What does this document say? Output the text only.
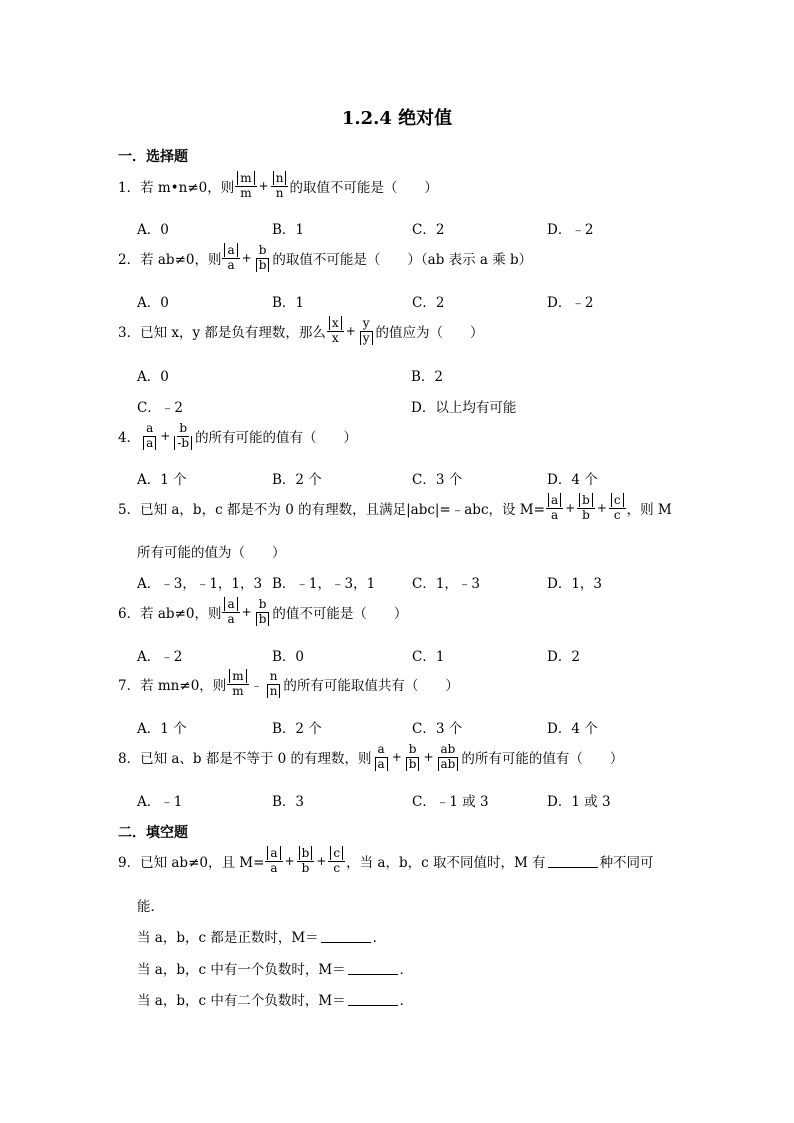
1.2.4 绝对值
一．选择题
1．若 m•n≠0，则 $\frac{m}{m} + \frac{n}{n}$ 的取值不可能是（　　）
A．0	B．1	C．2	D．﹣2
2．若 ab≠0，则 $\frac{a}{a} + \frac{b}{b}$ 的取值不可能是（　　）（ab 表示 a 乘 b）
A．0	B．1	C．2	D．﹣2
3．已知 x，y 都是负有理数，那么 $\frac{x}{x} + \frac{y}{y}$ 的值应为（　　）
A．0	B．2
C．﹣2	D．以上均有可能
4． $\frac{a}{a} + \frac{b}{-b}$ 的所有可能的值有（　　）
A．1 个	B．2 个	C．3 个	D．4 个
5．已知 a，b，c 都是不为 0 的有理数，且满足|abc|=﹣abc，设 $M= \frac{a}{a} + \frac{b}{b} + \frac{c}{c}$ ，则 M
所有可能的值为（　　）
A．﹣3，﹣1，1，3 B．﹣1，﹣3，1	C．1，﹣3	D．1，3
6．若 ab≠0，则 $\frac{a}{a} + \frac{b}{b}$ 的值不可能是（　　）
A．﹣2	B．0	C．1	D．2
7．若 mn≠0，则 $\frac{m}{m}$ ﹣ $\frac{n}{n}$ 的所有可能取值共有（　　）
A．1 个	B．2 个	C．3 个	D．4 个
8．已知 a、b 都是不等于 0 的有理数，则 $\frac{a}{a} + \frac{b}{b} + \frac{ab}{ab}$ 的所有可能的值有（　　）
A．﹣1	B．3	C．﹣1 或 3	D．1 或 3
二．填空题
9．已知 ab≠0，且 $M= \frac{a}{a} + \frac{b}{b} + \frac{c}{c}$ ，当 a，b，c 取不同值时，M 有	种不同可
能．
当 a，b，c 都是正数时，M＝	．
当 a，b，c 中有一个负数时，M＝	．
当 a，b，c 中有二个负数时，M＝	．
